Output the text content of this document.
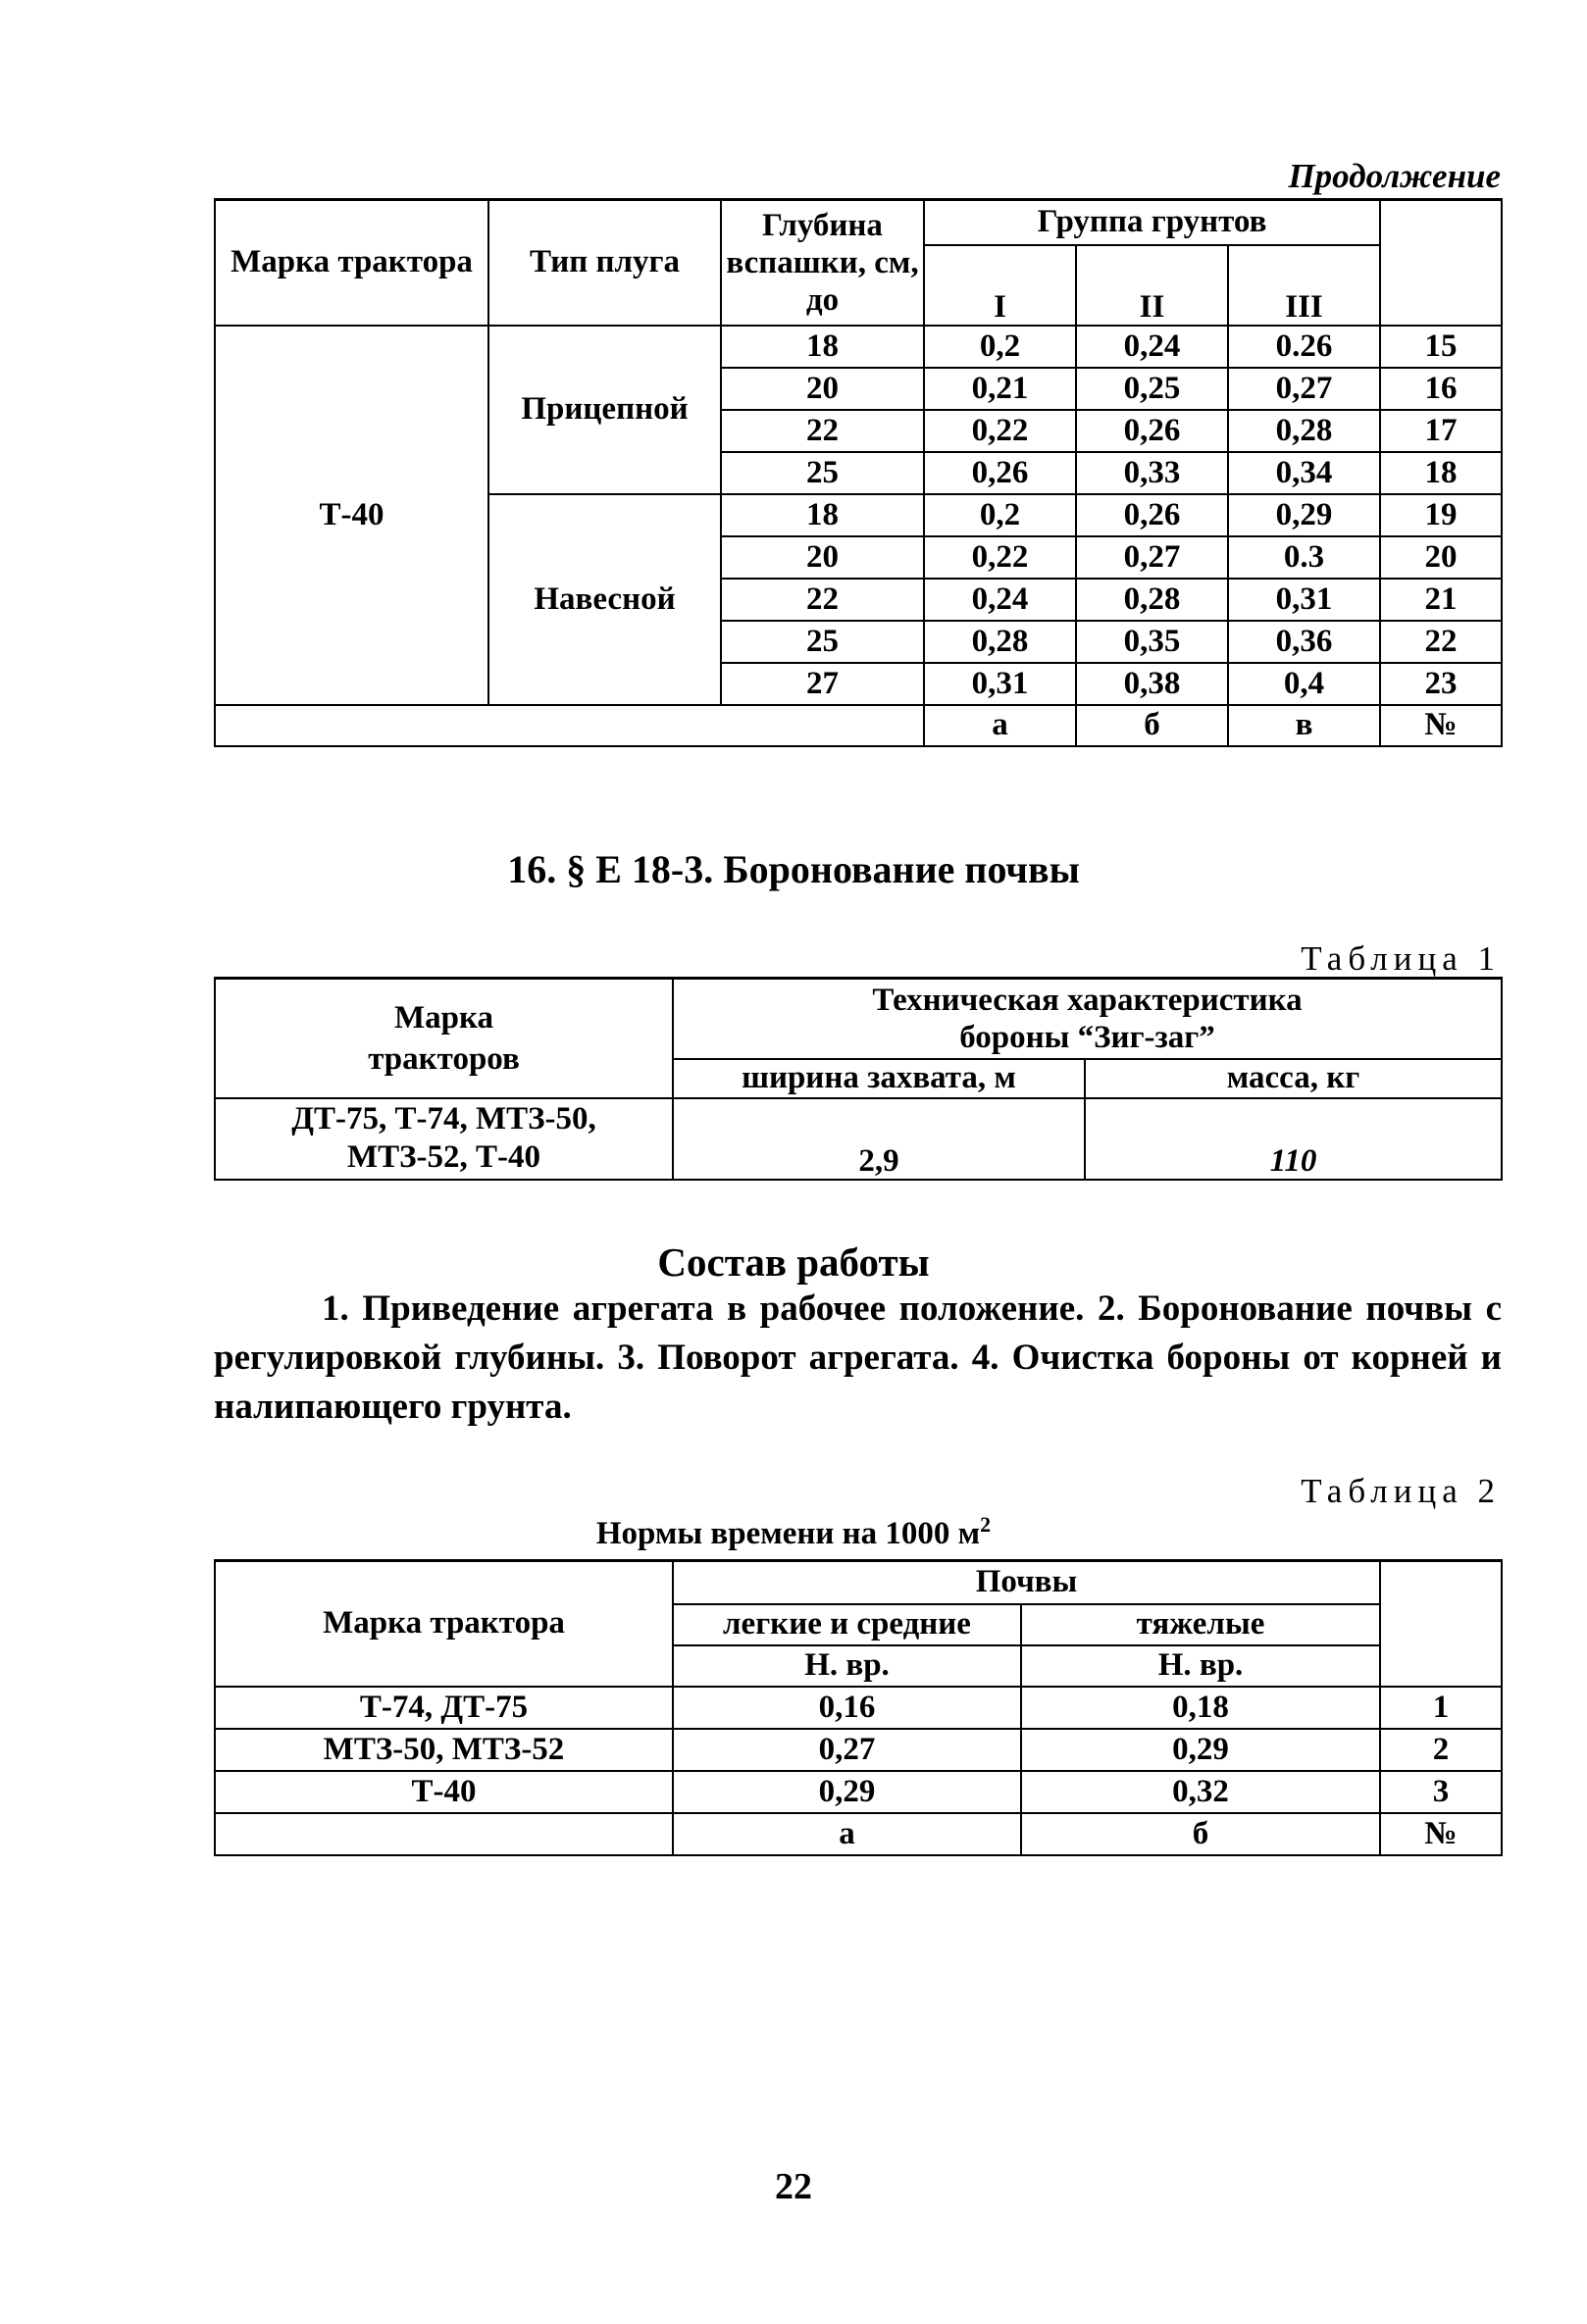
Продолжение
Марка трактора	Тип плуга	Глубина вспашки, см, до	Группа грунтов			
			I	II	III	
Т-40	Прицепной	18	0,2	0,24	0.26	15
		20	0,21	0,25	0,27	16
		22	0,22	0,26	0,28	17
		25	0,26	0,33	0,34	18
	Навесной	18	0,2	0,26	0,29	19
		20	0,22	0,27	0.3	20
		22	0,24	0,28	0,31	21
		25	0,28	0,35	0,36	22
		27	0,31	0,38	0,4	23
			а	б	в	№
16. § Е 18-3. Боронование почвы
Таблица 1
Марка тракторов	Техническая характеристика бороны “Зиг-заг”	
	ширина захвата, м	масса, кг
ДТ-75, Т-74, МТЗ-50, МТЗ-52, Т-40	2,9	110
Состав работы
1. Приведение агрегата в рабочее положение. 2. Боронование почвы с регулировкой глубины. 3. Поворот агрегата. 4. Очистка бороны от корней и налипающего грунта.
Таблица 2
Нормы времени на 1000 $м^2$
Марка трактора	Почвы		
	легкие и средние	тяжелые	
	Н. вр.	Н. вр.	
Т-74, ДТ-75	0,16	0,18	1
МТЗ-50, МТЗ-52	0,27	0,29	2
Т-40	0,29	0,32	3
	а	б	№
22
